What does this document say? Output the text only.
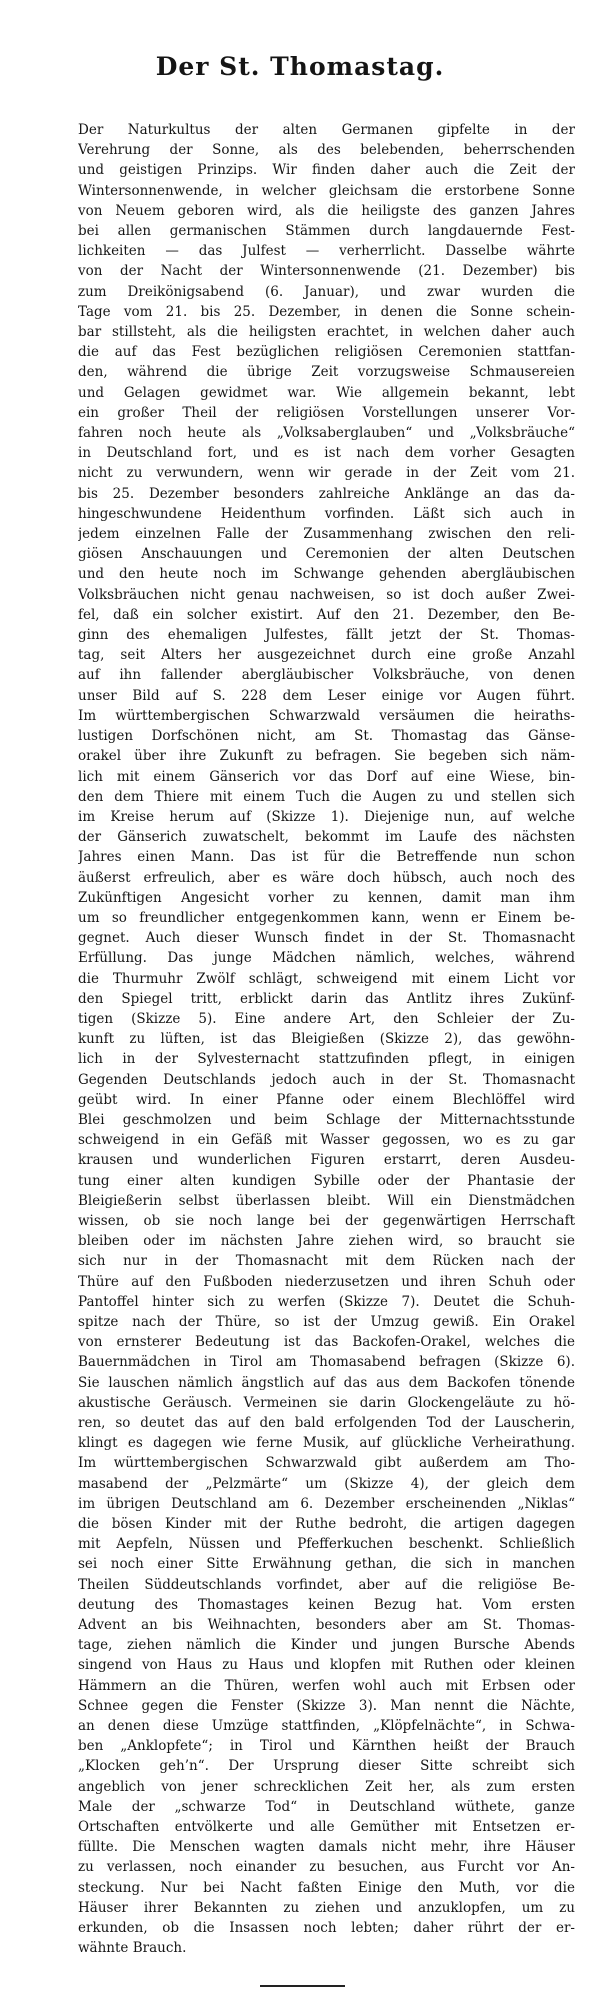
Der St. Thomastag.
Der Naturkultus der alten Germanen gipfelte in der
Verehrung der Sonne, als des belebenden, beherrschenden
und geistigen Prinzips. Wir finden daher auch die Zeit der
Wintersonnenwende, in welcher gleichsam die erstorbene Sonne
von Neuem geboren wird, als die heiligste des ganzen Jahres
bei allen germanischen Stämmen durch langdauernde Fest-
lichkeiten — das Julfest — verherrlicht. Dasselbe währte
von der Nacht der Wintersonnenwende (21. Dezember) bis
zum Dreikönigsabend (6. Januar), und zwar wurden die
Tage vom 21. bis 25. Dezember, in denen die Sonne schein-
bar stillsteht, als die heiligsten erachtet, in welchen daher auch
die auf das Fest bezüglichen religiösen Ceremonien stattfan-
den, während die übrige Zeit vorzugsweise Schmausereien
und Gelagen gewidmet war. Wie allgemein bekannt, lebt
ein großer Theil der religiösen Vorstellungen unserer Vor-
fahren noch heute als „Volksaberglauben“ und „Volksbräuche“
in Deutschland fort, und es ist nach dem vorher Gesagten
nicht zu verwundern, wenn wir gerade in der Zeit vom 21.
bis 25. Dezember besonders zahlreiche Anklänge an das da-
hingeschwundene Heidenthum vorfinden. Läßt sich auch in
jedem einzelnen Falle der Zusammenhang zwischen den reli-
giösen Anschauungen und Ceremonien der alten Deutschen
und den heute noch im Schwange gehenden abergläubischen
Volksbräuchen nicht genau nachweisen, so ist doch außer Zwei-
fel, daß ein solcher existirt. Auf den 21. Dezember, den Be-
ginn des ehemaligen Julfestes, fällt jetzt der St. Thomas-
tag, seit Alters her ausgezeichnet durch eine große Anzahl
auf ihn fallender abergläubischer Volksbräuche, von denen
unser Bild auf S. 228 dem Leser einige vor Augen führt.
Im württembergischen Schwarzwald versäumen die heiraths-
lustigen Dorfschönen nicht, am St. Thomastag das Gänse-
orakel über ihre Zukunft zu befragen. Sie begeben sich näm-
lich mit einem Gänserich vor das Dorf auf eine Wiese, bin-
den dem Thiere mit einem Tuch die Augen zu und stellen sich
im Kreise herum auf (Skizze 1). Diejenige nun, auf welche
der Gänserich zuwatschelt, bekommt im Laufe des nächsten
Jahres einen Mann. Das ist für die Betreffende nun schon
äußerst erfreulich, aber es wäre doch hübsch, auch noch des
Zukünftigen Angesicht vorher zu kennen, damit man ihm
um so freundlicher entgegenkommen kann, wenn er Einem be-
gegnet. Auch dieser Wunsch findet in der St. Thomasnacht
Erfüllung. Das junge Mädchen nämlich, welches, während
die Thurmuhr Zwölf schlägt, schweigend mit einem Licht vor
den Spiegel tritt, erblickt darin das Antlitz ihres Zukünf-
tigen (Skizze 5). Eine andere Art, den Schleier der Zu-
kunft zu lüften, ist das Bleigießen (Skizze 2), das gewöhn-
lich in der Sylvesternacht stattzufinden pflegt, in einigen
Gegenden Deutschlands jedoch auch in der St. Thomasnacht
geübt wird. In einer Pfanne oder einem Blechlöffel wird
Blei geschmolzen und beim Schlage der Mitternachtsstunde
schweigend in ein Gefäß mit Wasser gegossen, wo es zu gar
krausen und wunderlichen Figuren erstarrt, deren Ausdeu-
tung einer alten kundigen Sybille oder der Phantasie der
Bleigießerin selbst überlassen bleibt. Will ein Dienstmädchen
wissen, ob sie noch lange bei der gegenwärtigen Herrschaft
bleiben oder im nächsten Jahre ziehen wird, so braucht sie
sich nur in der Thomasnacht mit dem Rücken nach der
Thüre auf den Fußboden niederzusetzen und ihren Schuh oder
Pantoffel hinter sich zu werfen (Skizze 7). Deutet die Schuh-
spitze nach der Thüre, so ist der Umzug gewiß. Ein Orakel
von ernsterer Bedeutung ist das Backofen-Orakel, welches die
Bauernmädchen in Tirol am Thomasabend befragen (Skizze 6).
Sie lauschen nämlich ängstlich auf das aus dem Backofen tönende
akustische Geräusch. Vermeinen sie darin Glockengeläute zu hö-
ren, so deutet das auf den bald erfolgenden Tod der Lauscherin,
klingt es dagegen wie ferne Musik, auf glückliche Verheirathung.
Im württembergischen Schwarzwald gibt außerdem am Tho-
masabend der „Pelzmärte“ um (Skizze 4), der gleich dem
im übrigen Deutschland am 6. Dezember erscheinenden „Niklas“
die bösen Kinder mit der Ruthe bedroht, die artigen dagegen
mit Aepfeln, Nüssen und Pfefferkuchen beschenkt. Schließlich
sei noch einer Sitte Erwähnung gethan, die sich in manchen
Theilen Süddeutschlands vorfindet, aber auf die religiöse Be-
deutung des Thomastages keinen Bezug hat. Vom ersten
Advent an bis Weihnachten, besonders aber am St. Thomas-
tage, ziehen nämlich die Kinder und jungen Bursche Abends
singend von Haus zu Haus und klopfen mit Ruthen oder kleinen
Hämmern an die Thüren, werfen wohl auch mit Erbsen oder
Schnee gegen die Fenster (Skizze 3). Man nennt die Nächte,
an denen diese Umzüge stattfinden, „Klöpfelnächte“, in Schwa-
ben „Anklopfete“; in Tirol und Kärnthen heißt der Brauch
„Klocken geh’n“. Der Ursprung dieser Sitte schreibt sich
angeblich von jener schrecklichen Zeit her, als zum ersten
Male der „schwarze Tod“ in Deutschland wüthete, ganze
Ortschaften entvölkerte und alle Gemüther mit Entsetzen er-
füllte. Die Menschen wagten damals nicht mehr, ihre Häuser
zu verlassen, noch einander zu besuchen, aus Furcht vor An-
steckung. Nur bei Nacht faßten Einige den Muth, vor die
Häuser ihrer Bekannten zu ziehen und anzuklopfen, um zu
erkunden, ob die Insassen noch lebten; daher rührt der er-
wähnte Brauch.
